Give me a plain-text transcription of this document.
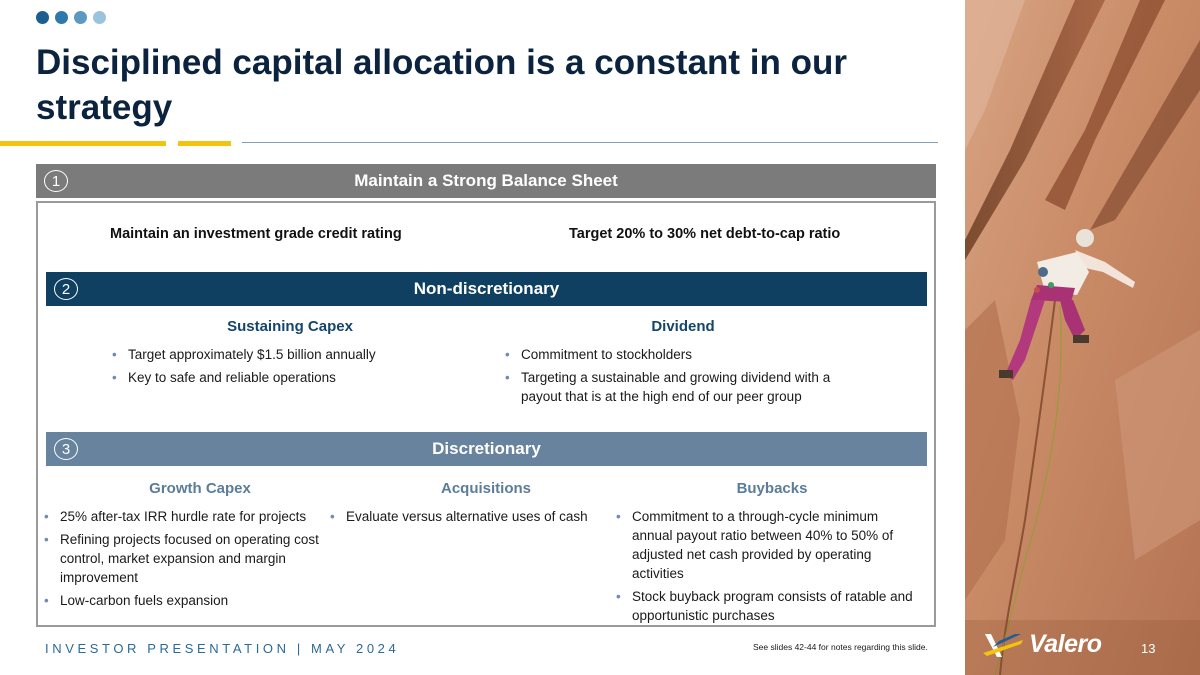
Disciplined capital allocation is a constant in our strategy
1	Maintain a Strong Balance Sheet
Maintain an investment grade credit rating	Target 20% to 30% net debt-to-cap ratio
2	Non-discretionary
Sustaining Capex
• Target approximately $1.5 billion annually
• Key to safe and reliable operations
Dividend
• Commitment to stockholders
• Targeting a sustainable and growing dividend with a payout that is at the high end of our peer group
3	Discretionary
Growth Capex
• 25% after-tax IRR hurdle rate for projects
• Refining projects focused on operating cost control, market expansion and margin improvement
• Low-carbon fuels expansion
Acquisitions
• Evaluate versus alternative uses of cash
Buybacks
• Commitment to a through-cycle minimum annual payout ratio between 40% to 50% of adjusted net cash provided by operating activities
• Stock buyback program consists of ratable and opportunistic purchases
INVESTOR PRESENTATION | MAY 2024	See slides 42-44 for notes regarding this slide.	Valero	13
